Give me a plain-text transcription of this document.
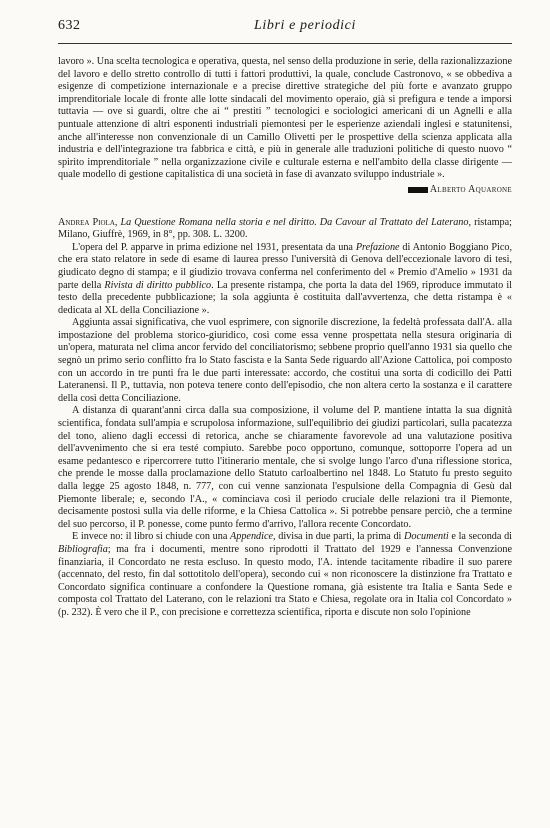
632	Libri e periodici

lavoro ». Una scelta tecnologica e operativa, questa, nel senso della produzione in serie, della razionalizzazione del lavoro e dello stretto controllo di tutti i fattori produttivi, la quale, conclude Castronovo, « se obbediva a esigenze di competizione internazionale e a precise direttive strategiche del più forte e avanzato gruppo imprenditoriale locale di fronte alle lotte sindacali del movimento operaio, già si prefigura e tende a imporsi tuttavia — ove si guardi, oltre che ai “ prestiti ” tecnologici e sociologici americani di un Agnelli e alla puntuale attenzione di altri esponenti industriali piemontesi per le esperienze aziendali inglesi e statunitensi, anche all'interesse non convenzionale di un Camillo Olivetti per le prospettive della scienza applicata alla industria e dell'integrazione tra fabbrica e città, e più in generale alle traduzioni politiche di questo nuovo “ spirito imprenditoriale ” nella organizzazione civile e culturale esterna e nell'ambito della classe dirigente — quale modello di gestione capitalistica di una società in fase di avanzato sviluppo industriale ».

Alberto Aquarone

Andrea Piola, La Questione Romana nella storia e nel diritto. Da Cavour al Trattato del Laterano, ristampa; Milano, Giuffrè, 1969, in 8°, pp. 308. L. 3200.

L'opera del P. apparve in prima edizione nel 1931, presentata da una Prefazione di Antonio Boggiano Pico, che era stato relatore in sede di esame di laurea presso l'università di Genova dell'eccezionale lavoro di tesi, giudicato degno di stampa; e il giudizio trovava conferma nel conferimento del « Premio d'Amelio » 1931 da parte della Rivista di diritto pubblico. La presente ristampa, che porta la data del 1969, riproduce immutato il testo della precedente pubblicazione; la sola aggiunta è costituita dall'avvertenza, che detta ristampa è « dedicata al XL della Conciliazione ».

Aggiunta assai significativa, che vuol esprimere, con signorile discrezione, la fedeltà professata dall'A. alla impostazione del problema storico-giuridico, così come essa venne prospettata nella stesura originaria di un'opera, maturata nel clima ancor fervido del conciliatorismo; sebbene proprio quell'anno 1931 sia quello che segnò un primo serio conflitto fra lo Stato fascista e la Santa Sede riguardo all'Azione Cattolica, poi composto con un accordo in tre punti fra le due parti interessate: accordo, che costitui una sorta di codicillo dei Patti Lateranensi. Il P., tuttavia, non poteva tenere conto dell'episodio, che non altera certo la sostanza e il carattere della così detta Conciliazione.

A distanza di quarant'anni circa dalla sua composizione, il volume del P. mantiene intatta la sua dignità scientifica, fondata sull'ampia e scrupolosa informazione, sull'equilibrio dei giudizi particolari, sulla pacatezza del tono, alieno dagli eccessi di retorica, anche se chiaramente favorevole ad una valutazione positiva dell'avvenimento che si era testé compiuto. Sarebbe poco opportuno, comunque, sottoporre l'opera ad un esame pedantesco e ripercorrere tutto l'itinerario mentale, che si svolge lungo l'arco d'una riflessione storica, che prende le mosse dalla proclamazione dello Statuto carloalbertino nel 1848. Lo Statuto fu presto seguito dalla legge 25 agosto 1848, n. 777, con cui venne sanzionata l'espulsione della Compagnia di Gesù dal Piemonte liberale; e, secondo l'A., « cominciava così il periodo cruciale delle relazioni tra il Piemonte, decisamente postosi sulla via delle riforme, e la Chiesa Cattolica ». Si potrebbe pensare perciò, che a termine del suo percorso, il P. ponesse, come punto fermo d'arrivo, l'allora recente Concordato.

E invece no: il libro si chiude con una Appendice, divisa in due parti, la prima di Documenti e la seconda di Bibliografia; ma fra i documenti, mentre sono riprodotti il Trattato del 1929 e l'annessa Convenzione finanziaria, il Concordato ne resta escluso. In questo modo, l'A. intende tacitamente ribadire il suo parere (accennato, del resto, fin dal sottotitolo dell'opera), secondo cui « non riconoscere la distinzione fra Trattato e Concordato significa continuare a confondere la Questione romana, già esistente tra Italia e Santa Sede e composta col Trattato del Laterano, con le relazioni tra Stato e Chiesa, regolate ora in Italia col Concordato » (p. 232). È vero che il P., con precisione e correttezza scientifica, riporta e discute non solo l'opinione
